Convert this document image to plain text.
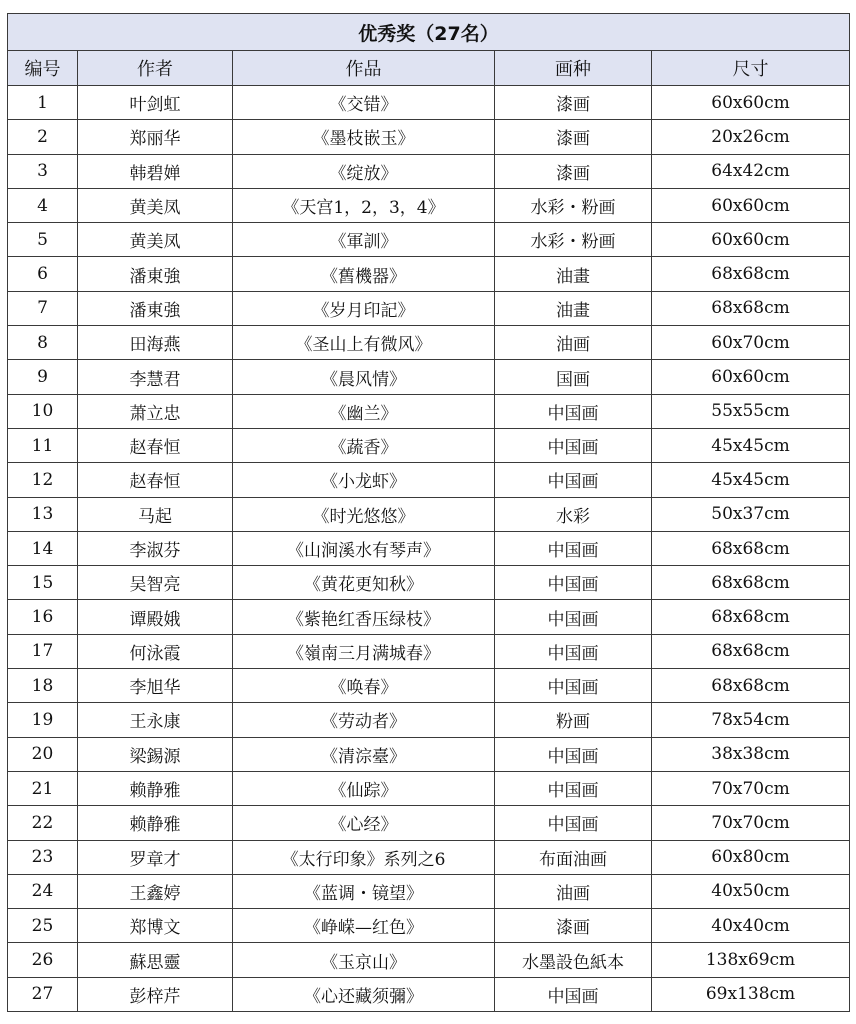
优秀奖（27名）				
编号	作者	作品	画种	尺寸
1	叶剑虹	《交错》	漆画	60x60cm
2	郑丽华	《墨枝嵌玉》	漆画	20x26cm
3	韩碧婵	《绽放》	漆画	64x42cm
4	黄美凤	《天宫1，2，3，4》	水彩・粉画	60x60cm
5	黄美凤	《軍訓》	水彩・粉画	60x60cm
6	潘東強	《舊機器》	油畫	68x68cm
7	潘東強	《岁月印記》	油畫	68x68cm
8	田海燕	《圣山上有微风》	油画	60x70cm
9	李慧君	《晨风情》	国画	60x60cm
10	萧立忠	《幽兰》	中国画	55x55cm
11	赵春恒	《蔬香》	中国画	45x45cm
12	赵春恒	《小龙虾》	中国画	45x45cm
13	马起	《时光悠悠》	水彩	50x37cm
14	李淑芬	《山涧溪水有琴声》	中国画	68x68cm
15	吴智亮	《黄花更知秋》	中国画	68x68cm
16	谭殿娥	《紫艳红香压绿枝》	中国画	68x68cm
17	何泳霞	《嶺南三月满城春》	中国画	68x68cm
18	李旭华	《唤春》	中国画	68x68cm
19	王永康	《劳动者》	粉画	78x54cm
20	梁錫源	《清淙臺》	中国画	38x38cm
21	赖静雅	《仙踪》	中国画	70x70cm
22	赖静雅	《心经》	中国画	70x70cm
23	罗章才	《太行印象》系列之6	布面油画	60x80cm
24	王鑫婷	《蓝调・镜望》	油画	40x50cm
25	郑博文	《峥嵘—红色》	漆画	40x40cm
26	蘇思靈	《玉京山》	水墨設色紙本	138x69cm
27	彭梓芹	《心还藏须彌》	中国画	69x138cm
